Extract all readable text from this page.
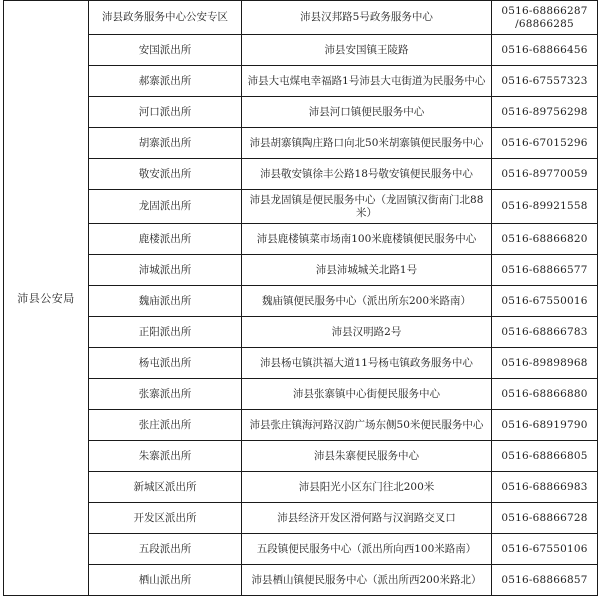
沛县公安局	沛县政务服务中心公安专区	沛县汉邦路5号政务服务中心	0516-68866287
/68866285

	安国派出所	沛县安国镇王陵路	0516-68866456
	郝寨派出所	沛县大屯煤电幸福路1号沛县大屯街道为民服务中心	0516-67557323
	河口派出所	沛县河口镇便民服务中心	0516-89756298
	胡寨派出所	沛县胡寨镇陶庄路口向北50米胡寨镇便民服务中心	0516-67015296
	敬安派出所	沛县敬安镇徐丰公路18号敬安镇便民服务中心	0516-89770059
	龙固派出所	沛县龙固镇是便民服务中心（龙固镇汉街南门北88米）	0516-89921558
	鹿楼派出所	沛县鹿楼镇菜市场南100米鹿楼镇便民服务中心	0516-68866820
	沛城派出所	沛县沛城城关北路1号	0516-68866577
	魏庙派出所	魏庙镇便民服务中心（派出所东200米路南）	0516-67550016
	正阳派出所	沛县汉明路2号	0516-68866783
	杨屯派出所	沛县杨屯镇洪福大道11号杨屯镇政务服务中心	0516-89898968
	张寨派出所	沛县张寨镇中心街便民服务中心	0516-68866880
	张庄派出所	沛县张庄镇海河路汉韵广场东侧50米便民服务中心	0516-68919790
	朱寨派出所	沛县朱寨便民服务中心	0516-68866805
	新城区派出所	沛县阳光小区东门往北200米	0516-68866983
	开发区派出所	沛县经济开发区滑何路与汉润路交叉口	0516-68866728
	五段派出所	五段镇便民服务中心（派出所向西100米路南）	0516-67550106
	栖山派出所	沛县栖山镇便民服务中心（派出所西200米路北）	0516-68866857
